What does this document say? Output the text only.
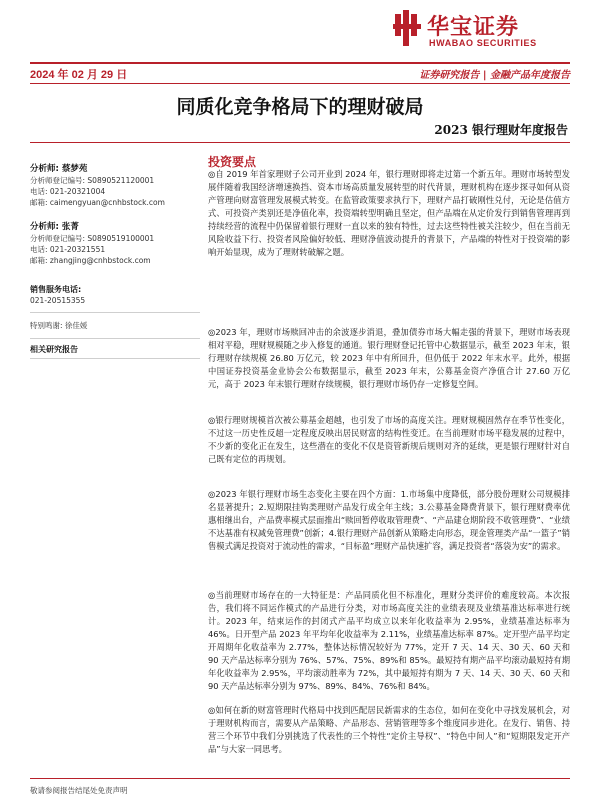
华宝证券
HWABAO SECURITIES
2024 年 02 月 29 日	证券研究报告 | 金融产品年度报告
同质化竞争格局下的理财破局
2023 银行理财年度报告
分析师: 蔡梦苑
分析师登记编号: S0890521120001
电话: 021-20321004
邮箱: caimengyuan@cnhbstock.com
分析师: 张菁
分析师登记编号: S0890519100001
电话: 021-20321551
邮箱: zhangjing@cnhbstock.com
销售服务电话:
021-20515355
特别鸣谢: 徐佳媛
相关研究报告
投资要点
◎自 2019 年首家理财子公司开业到 2024 年，银行理财即将走过第一个新五年。理财市场转型发展伴随着我国经济增速换挡、资本市场高质量发展转型的时代背景，理财机构在逐步探寻如何从资产管理向财富管理发展模式转变。在监管政策要求执行下，理财产品打破刚性兑付，无论是估值方式、可投资产类别还是净值化率，投资端转型明确且坚定，但产品端在从定价发行到销售管理再到持续经营的流程中仍保留着银行理财一直以来的独有特性，过去这些特性被关注较少，但在当前无风险收益下行、投资者风险偏好较低、理财净值波动提升的背景下，产品端的特性对于投资端的影响开始显现，成为了理财转破解之题。
◎2023 年，理财市场赎回冲击的余波逐步消退，叠加债券市场大幅走强的背景下，理财市场表现相对平稳，理财规模随之步入修复的通道。银行理财登记托管中心数据显示，截至 2023 年末，银行理财存续规模 26.80 万亿元，较 2023 年中有所回升，但仍低于 2022 年末水平。此外，根据中国证券投资基金业协会公布数据显示，截至 2023 年末，公募基金资产净值合计 27.60 万亿元，高于 2023 年末银行理财存续规模，银行理财市场仍存一定修复空间。
◎银行理财规模首次被公募基金超越，也引发了市场的高度关注。理财规模固然存在季节性变化，不过这一历史性反超一定程度反映出居民财富的结构性变迁。在当前理财市场平稳发展的过程中，不少新的变化正在发生，这些潜在的变化不仅是资管新规后规则对齐的延续，更是银行理财针对自己既有定位的再规划。
◎2023 年银行理财市场生态变化主要在四个方面：1.市场集中度降低，部分股份理财公司规模排名显著提升；2.短期限挂钩类理财产品发行成全年主线；3.公募基金降费背景下，银行理财费率优惠相继出台，产品费率模式层面推出“赎回暂停收取管理费”、“产品建仓期阶段不收管理费”、“业绩不达基准有权减免管理费”创新；4.银行理财产品创新从策略走向形态，现金管理类产品“一篮子”销售模式满足投资对于流动性的需求，“目标盈”理财产品快速扩容，满足投资者“落袋为安”的需求。
◎当前理财市场存在的一大特征是：产品同质化但不标准化，理财分类评价的难度较高。本次报告，我们将不同运作模式的产品进行分类，对市场高度关注的业绩表现及业绩基准达标率进行统计。2023 年，结束运作的封闭式产品平均成立以来年化收益率为 2.95%，业绩基准达标率为 46%。日开型产品 2023 年平均年化收益率为 2.11%，业绩基准达标率 87%。定开型产品平均定开周期年化收益率为 2.77%，整体达标情况较好为 77%，定开 7 天、14 天、30 天、60 天和 90 天产品达标率分别为 76%、57%、75%、89%和 85%。最短持有期产品平均滚动最短持有期年化收益率为 2.95%，平均滚动胜率为 72%，其中最短持有期为 7 天、14 天、30 天、60 天和 90 天产品达标率分别为 97%、89%、84%、76%和 84%。
◎如何在新的财富管理时代格局中找到匹配居民新需求的生态位，如何在变化中寻找发展机会，对于理财机构而言，需要从产品策略、产品形态、营销管理等多个维度同步进化。在发行、销售、持营三个环节中我们分别挑选了代表性的三个特性“定价主导权”、“特色中间人”和“短期限发定开产品”与大家一同思考。
敬请参阅报告结尾处免责声明
